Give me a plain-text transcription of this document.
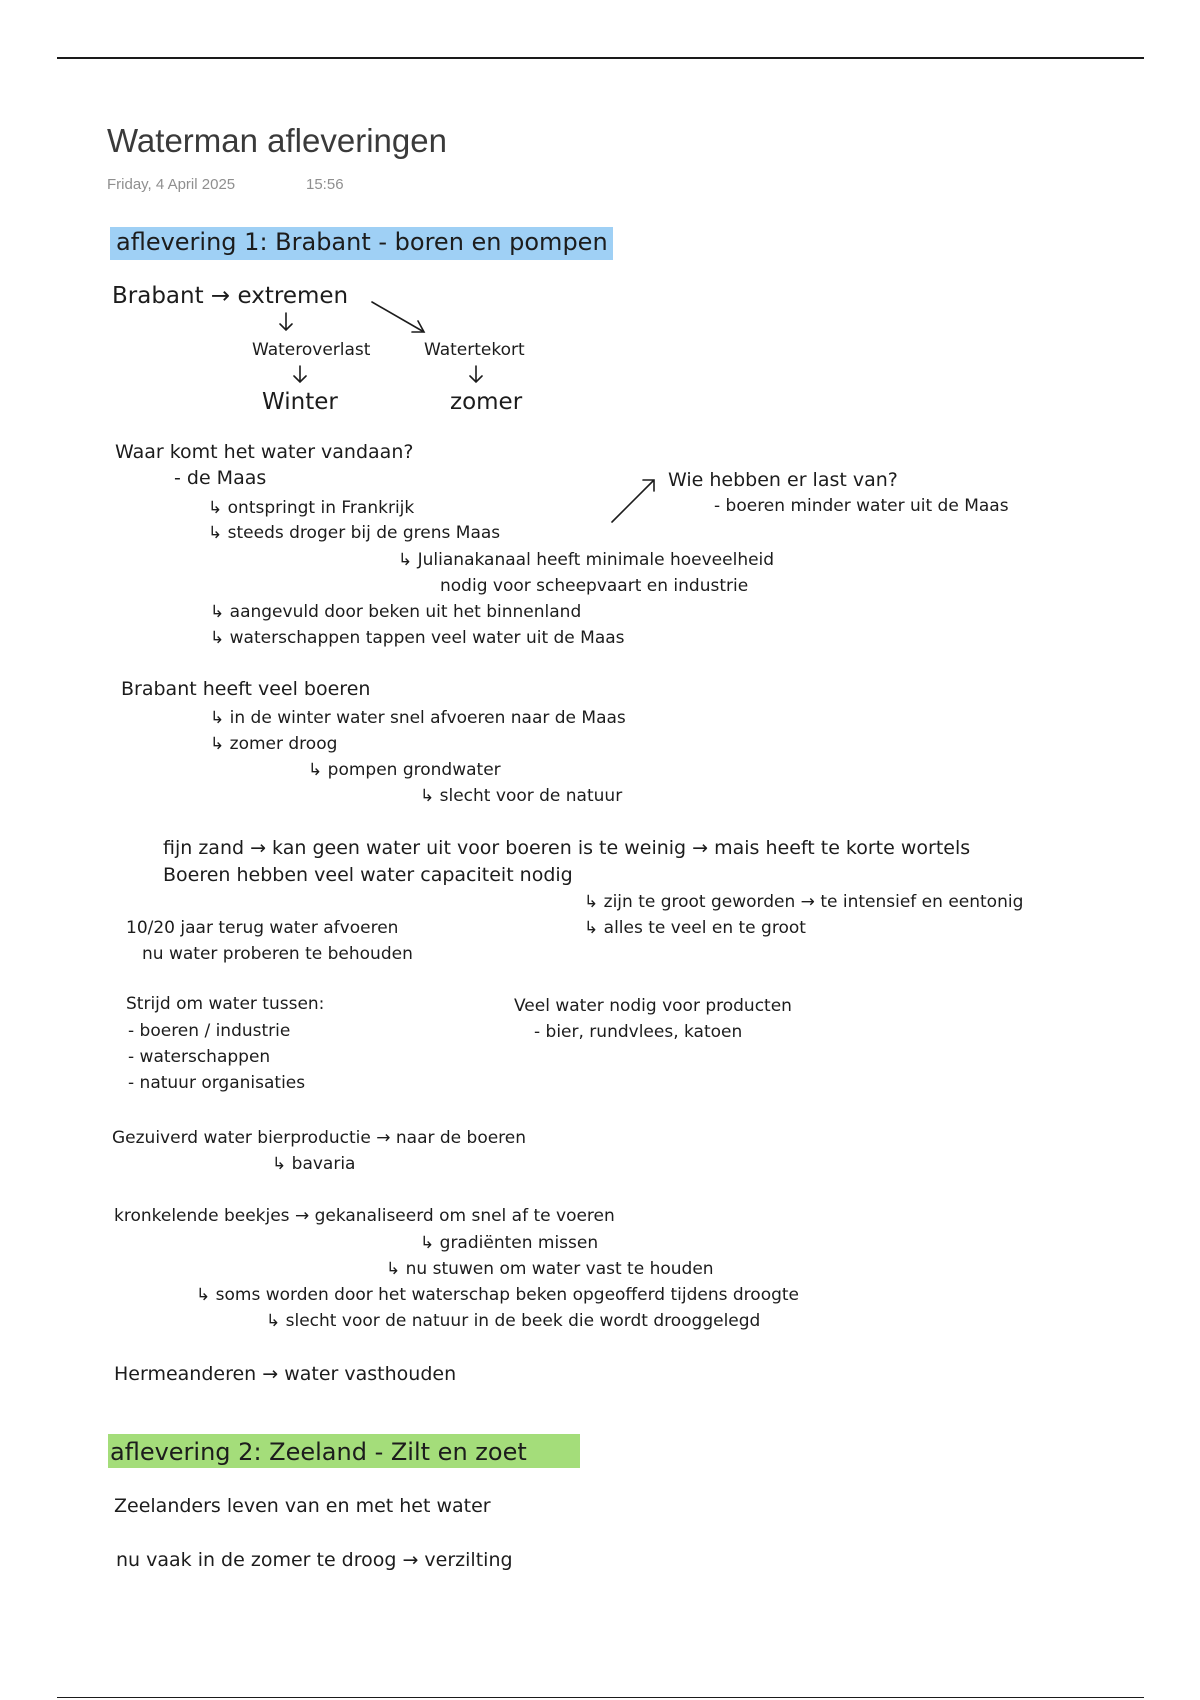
Waterman afleveringen
Friday, 4 April 2025	15:56
aflevering 1: Brabant - boren en pompen
Brabant → extremen
Wateroverlast	Watertekort
Winter	zomer
Waar komt het water vandaan?
- de Maas
↳ ontspringt in Frankrijk
↳ steeds droger bij de grens Maas
↳ Julianakanaal heeft minimale hoeveelheid
nodig voor scheepvaart en industrie
↳ aangevuld door beken uit het binnenland
↳ waterschappen tappen veel water uit de Maas
Wie hebben er last van?
- boeren minder water uit de Maas
Brabant heeft veel boeren
↳ in de winter water snel afvoeren naar de Maas
↳ zomer droog
↳ pompen grondwater
↳ slecht voor de natuur
fijn zand → kan geen water uit voor boeren is te weinig → mais heeft te korte wortels
Boeren hebben veel water capaciteit nodig
↳ zijn te groot geworden → te intensief en eentonig
↳ alles te veel en te groot
10/20 jaar terug water afvoeren
nu water proberen te behouden
Strijd om water tussen:
- boeren / industrie
- waterschappen
- natuur organisaties
Veel water nodig voor producten
- bier, rundvlees, katoen
Gezuiverd water bierproductie → naar de boeren
↳ bavaria
kronkelende beekjes → gekanaliseerd om snel af te voeren
↳ gradiënten missen
↳ nu stuwen om water vast te houden
↳ soms worden door het waterschap beken opgeofferd tijdens droogte
↳ slecht voor de natuur in de beek die wordt drooggelegd
Hermeanderen → water vasthouden
aflevering 2: Zeeland - Zilt en zoet
Zeelanders leven van en met het water
nu vaak in de zomer te droog → verzilting
